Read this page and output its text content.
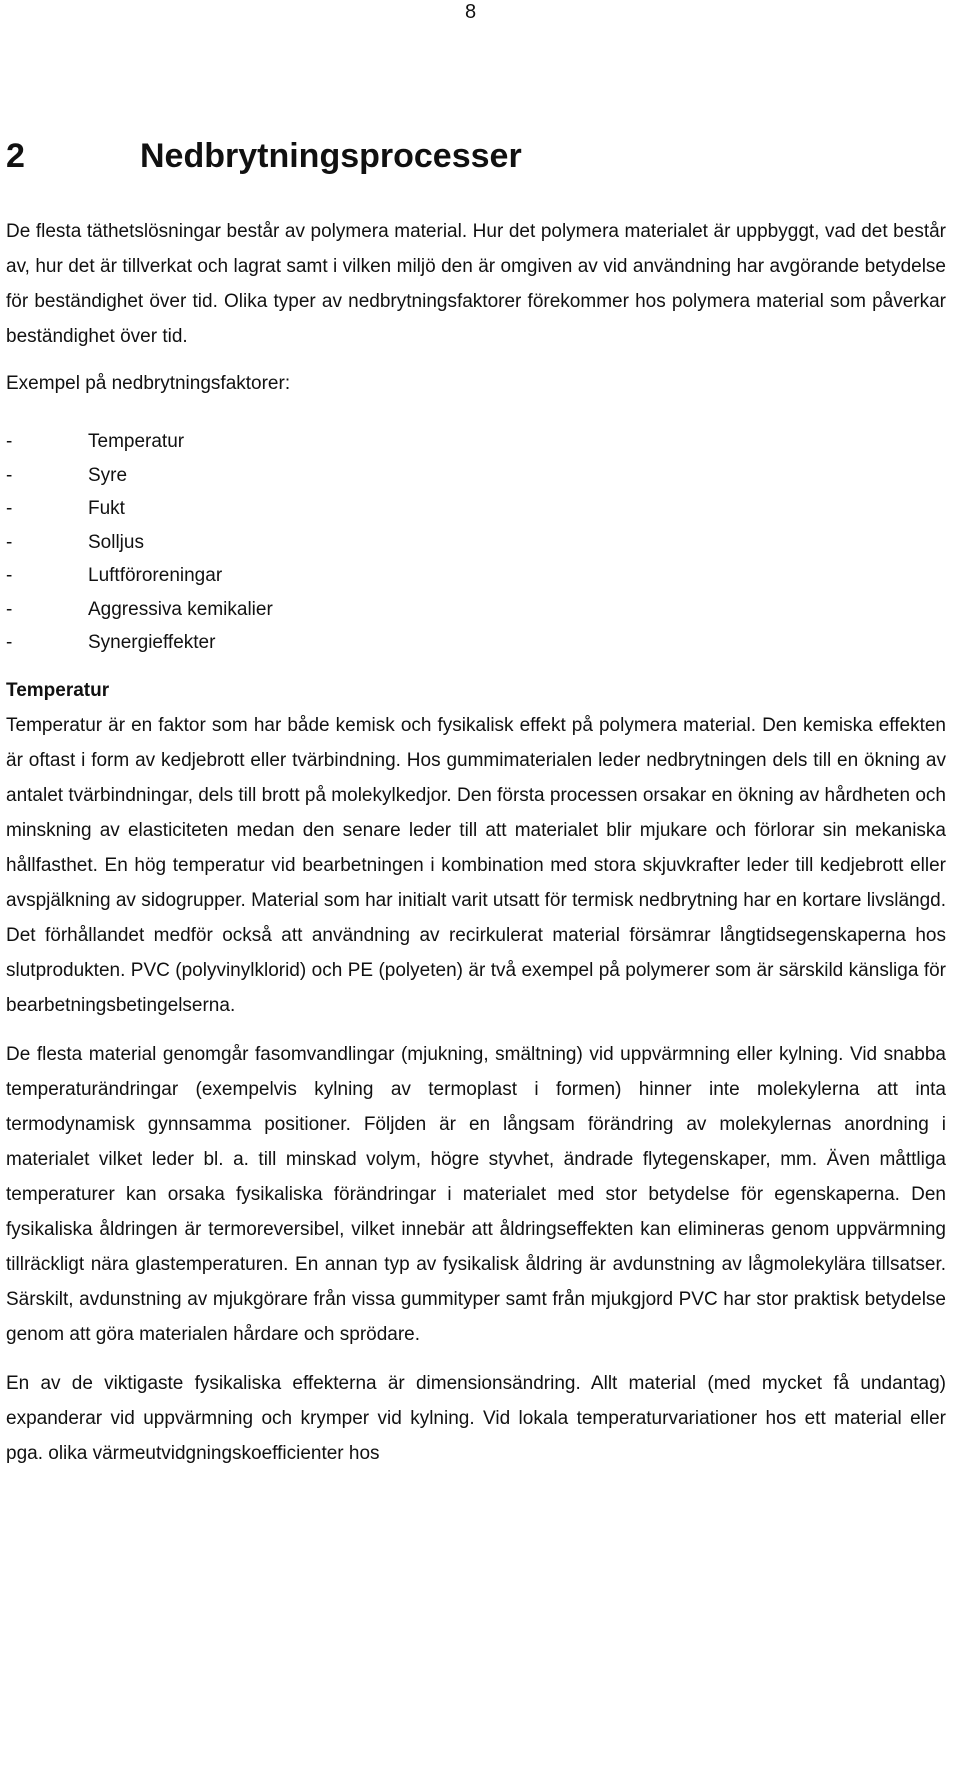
8
2	Nedbrytningsprocesser

De flesta täthetslösningar består av polymera material. Hur det polymera materialet är uppbyggt, vad det består av, hur det är tillverkat och lagrat samt i vilken miljö den är omgiven av vid användning har avgörande betydelse för beständighet över tid. Olika typer av nedbrytningsfaktorer förekommer hos polymera material som påverkar beständighet över tid.

Exempel på nedbrytningsfaktorer:

-	Temperatur
-	Syre
-	Fukt
-	Solljus
-	Luftföroreningar
-	Aggressiva kemikalier
-	Synergieffekter
Temperatur

Temperatur är en faktor som har både kemisk och fysikalisk effekt på polymera material. Den kemiska effekten är oftast i form av kedjebrott eller tvärbindning. Hos gummimaterialen leder nedbrytningen dels till en ökning av antalet tvärbindningar, dels till brott på molekylkedjor. Den första processen orsakar en ökning av hårdheten och minskning av elasticiteten medan den senare leder till att materialet blir mjukare och förlorar sin mekaniska hållfasthet. En hög temperatur vid bearbetningen i kombination med stora skjuvkrafter leder till kedjebrott eller avspjälkning av sidogrupper. Material som har initialt varit utsatt för termisk nedbrytning har en kortare livslängd. Det förhållandet medför också att användning av recirkulerat material försämrar långtidsegenskaperna hos slutprodukten. PVC (polyvinylklorid) och PE (polyeten) är två exempel på polymerer som är särskild känsliga för bearbetningsbetingelserna.

De flesta material genomgår fasomvandlingar (mjukning, smältning) vid uppvärmning eller kylning. Vid snabba temperaturändringar (exempelvis kylning av termoplast i formen) hinner inte molekylerna att inta termodynamisk gynnsamma positioner. Följden är en långsam förändring av molekylernas anordning i materialet vilket leder bl. a. till minskad volym, högre styvhet, ändrade flytegenskaper, mm. Även måttliga temperaturer kan orsaka fysikaliska förändringar i materialet med stor betydelse för egenskaperna. Den fysikaliska åldringen är termoreversibel, vilket innebär att åldringseffekten kan elimineras genom uppvärmning tillräckligt nära glastemperaturen. En annan typ av fysikalisk åldring är avdunstning av lågmolekylära tillsatser. Särskilt, avdunstning av mjukgörare från vissa gummityper samt från mjukgjord PVC har stor praktisk betydelse genom att göra materialen hårdare och sprödare.

En av de viktigaste fysikaliska effekterna är dimensionsändring. Allt material (med mycket få undantag) expanderar vid uppvärmning och krymper vid kylning. Vid lokala temperaturvariationer hos ett material eller pga. olika värmeutvidgningskoefficienter hos
